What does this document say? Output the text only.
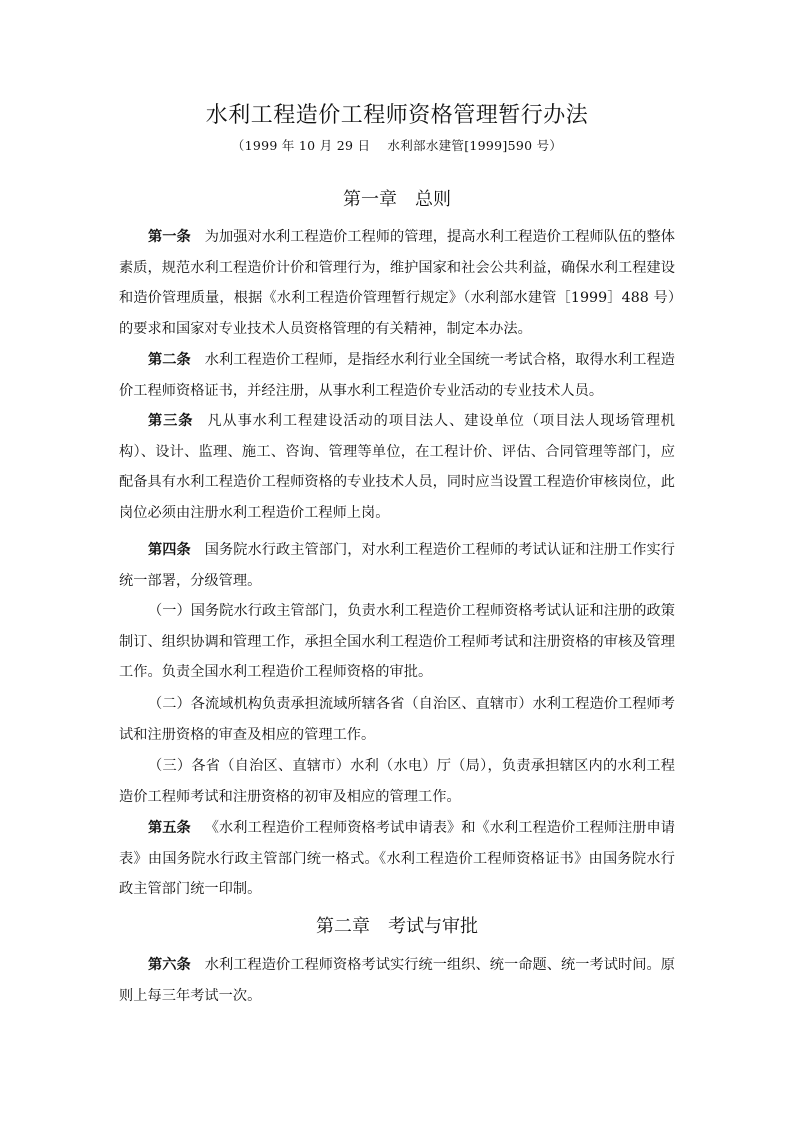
水利工程造价工程师资格管理暂行办法

（1999 年 10 月 29 日　 水利部水建管[1999]590 号）

第一章　总则

第一条 为加强对水利工程造价工程师的管理，提高水利工程造价工程师队伍的整体素质，规范水利工程造价计价和管理行为，维护国家和社会公共利益，确保水利工程建设和造价管理质量，根据《水利工程造价管理暂行规定》（水利部水建管［1999］488 号）的要求和国家对专业技术人员资格管理的有关精神，制定本办法。

第二条 水利工程造价工程师，是指经水利行业全国统一考试合格，取得水利工程造价工程师资格证书，并经注册，从事水利工程造价专业活动的专业技术人员。

第三条 凡从事水利工程建设活动的项目法人、建设单位（项目法人现场管理机构）、设计、监理、施工、咨询、管理等单位，在工程计价、评估、合同管理等部门，应配备具有水利工程造价工程师资格的专业技术人员，同时应当设置工程造价审核岗位，此岗位必须由注册水利工程造价工程师上岗。

第四条 国务院水行政主管部门，对水利工程造价工程师的考试认证和注册工作实行统一部署，分级管理。

（一）国务院水行政主管部门，负责水利工程造价工程师资格考试认证和注册的政策制订、组织协调和管理工作，承担全国水利工程造价工程师考试和注册资格的审核及管理工作。负责全国水利工程造价工程师资格的审批。

（二）各流域机构负责承担流域所辖各省（自治区、直辖市）水利工程造价工程师考试和注册资格的审查及相应的管理工作。

（三）各省（自治区、直辖市）水利（水电）厅（局），负责承担辖区内的水利工程造价工程师考试和注册资格的初审及相应的管理工作。

第五条 《水利工程造价工程师资格考试申请表》和《水利工程造价工程师注册申请表》由国务院水行政主管部门统一格式。《水利工程造价工程师资格证书》由国务院水行政主管部门统一印制。

第二章　考试与审批

第六条 水利工程造价工程师资格考试实行统一组织、统一命题、统一考试时间。原则上每三年考试一次。
